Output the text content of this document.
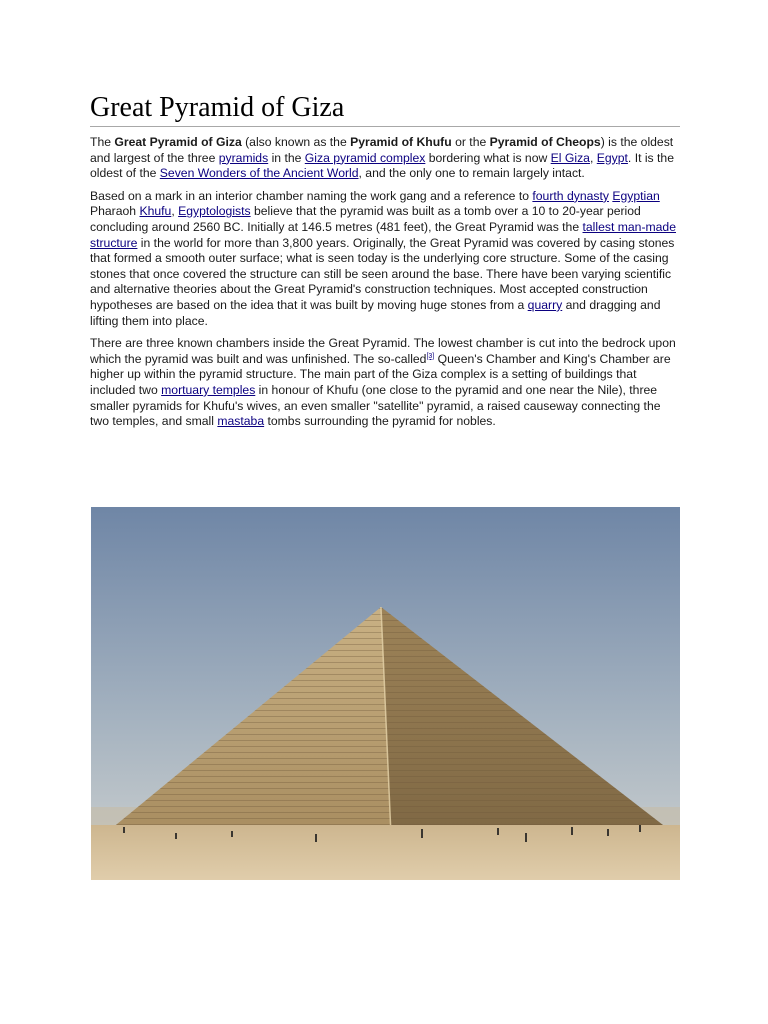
Great Pyramid of Giza

The Great Pyramid of Giza (also known as the Pyramid of Khufu or the Pyramid of Cheops) is the oldest and largest of the three pyramids in the Giza pyramid complex bordering what is now El Giza, Egypt. It is the oldest of the Seven Wonders of the Ancient World, and the only one to remain largely intact.

Based on a mark in an interior chamber naming the work gang and a reference to fourth dynasty Egyptian Pharaoh Khufu, Egyptologists believe that the pyramid was built as a tomb over a 10 to 20-year period concluding around 2560 BC. Initially at 146.5 metres (481 feet), the Great Pyramid was the tallest man-made structure in the world for more than 3,800 years. Originally, the Great Pyramid was covered by casing stones that formed a smooth outer surface; what is seen today is the underlying core structure. Some of the casing stones that once covered the structure can still be seen around the base. There have been varying scientific and alternative theories about the Great Pyramid's construction techniques. Most accepted construction hypotheses are based on the idea that it was built by moving huge stones from a quarry and dragging and lifting them into place.

There are three known chambers inside the Great Pyramid. The lowest chamber is cut into the bedrock upon which the pyramid was built and was unfinished. The so-called[3] Queen's Chamber and King's Chamber are higher up within the pyramid structure. The main part of the Giza complex is a setting of buildings that included two mortuary temples in honour of Khufu (one close to the pyramid and one near the Nile), three smaller pyramids for Khufu's wives, an even smaller "satellite" pyramid, a raised causeway connecting the two temples, and small mastaba tombs surrounding the pyramid for nobles.
